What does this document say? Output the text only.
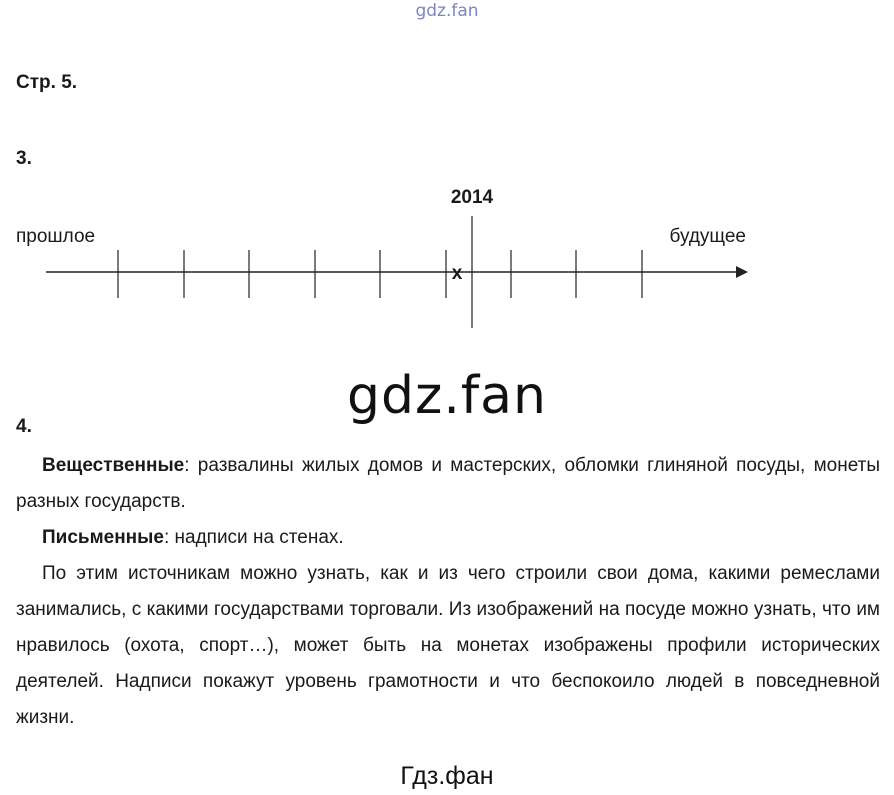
gdz.fan
Стр. 5.
3.
2014
прошлое	будущее
x
gdz.fan
4.

Вещественные: развалины жилых домов и мастерских, обломки глиняной посуды, монеты разных государств.

Письменные: надписи на стенах.

По этим источникам можно узнать, как и из чего строили свои дома, какими ремеслами занимались, с какими государствами торговали. Из изображений на посуде можно узнать, что им нравилось (охота, спорт…), может быть на монетах изображены профили исторических деятелей. Надписи покажут уровень грамотности и что беспокоило людей в повседневной жизни.

Гдз.фан
